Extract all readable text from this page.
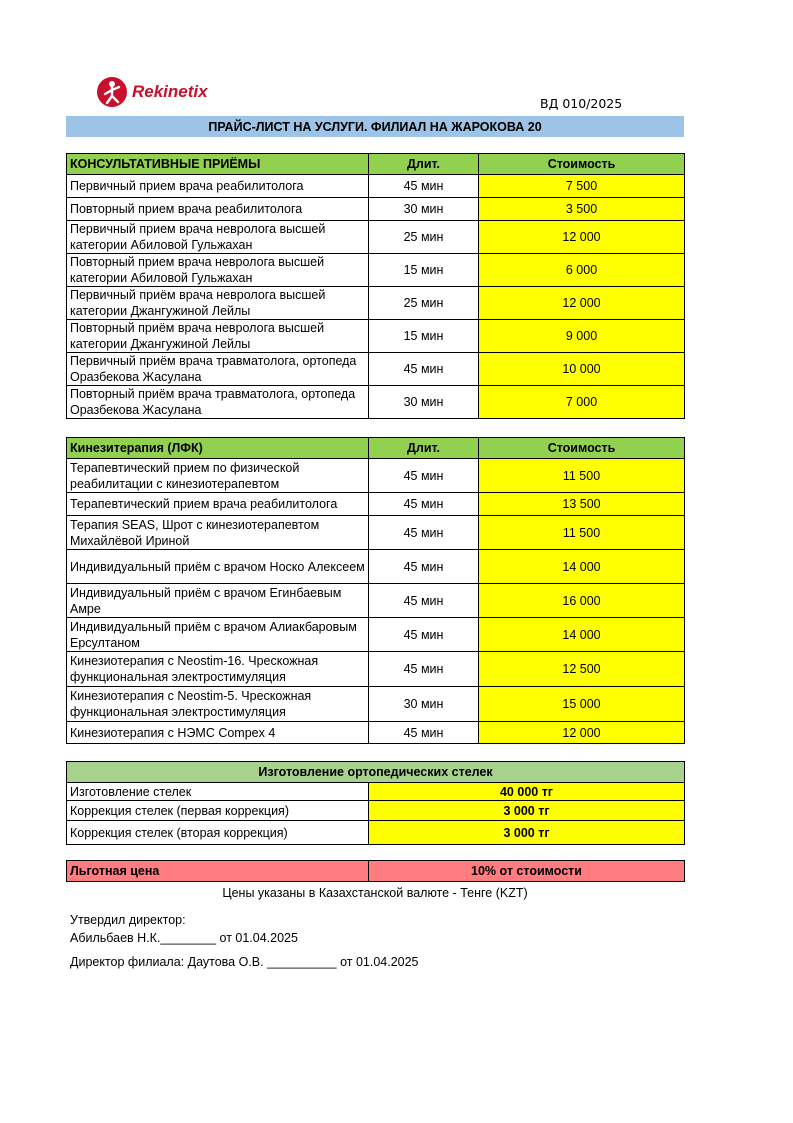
Rekinetix
ВД 010/2025
ПРАЙС-ЛИСТ НА УСЛУГИ. ФИЛИАЛ НА ЖАРОКОВА 20
КОНСУЛЬТАТИВНЫЕ ПРИЁМЫ	Длит.	Стоимость
Первичный прием врача реабилитолога	45 мин	7 500
Повторный прием врача реабилитолога	30 мин	3 500
Первичный прием врача невролога высшей категории Абиловой Гульжахан	25 мин	12 000
Повторный прием врача невролога высшей категории Абиловой Гульжахан	15 мин	6 000
Первичный приём врача невролога высшей категории Джангужиной Лейлы	25 мин	12 000
Повторный приём врача невролога высшей категории Джангужиной Лейлы	15 мин	9 000
Первичный приём врача травматолога, ортопеда Оразбекова Жасулана	45 мин	10 000
Повторный приём врача травматолога, ортопеда Оразбекова Жасулана	30 мин	7 000
Кинезитерапия (ЛФК)	Длит.	Стоимость
Терапевтический прием по физической реабилитации с кинезиотерапевтом	45 мин	11 500
Терапевтический прием врача реабилитолога	45 мин	13 500
Терапия SEAS, Шрот с кинезиотерапевтом Михайлёвой Ириной	45 мин	11 500
Индивидуальный приём с врачом Носко Алексеем	45 мин	14 000
Индивидуальный приём с врачом Егинбаевым Амре	45 мин	16 000
Индивидуальный приём с врачом Алиакбаровым Ерсултаном	45 мин	14 000
Кинезиотерапия с Neostim-16. Чрескожная функциональная электростимуляция	45 мин	12 500
Кинезиотерапия с Neostim-5. Чрескожная функциональная электростимуляция	30 мин	15 000
Кинезиотерапия с НЭМС Compex 4	45 мин	12 000
Изготовление ортопедических стелек	
Изготовление стелек	40 000 тг
Коррекция стелек (первая коррекция)	3 000 тг
Коррекция стелек (вторая коррекция)	3 000 тг
Льготная цена	10% от стоимости
Цены указаны в Казахстанской валюте - Тенге (KZT)
Утвердил директор:
Абильбаев Н.К.________ от 01.04.2025
Директор филиала: Даутова О.В. __________ от 01.04.2025
